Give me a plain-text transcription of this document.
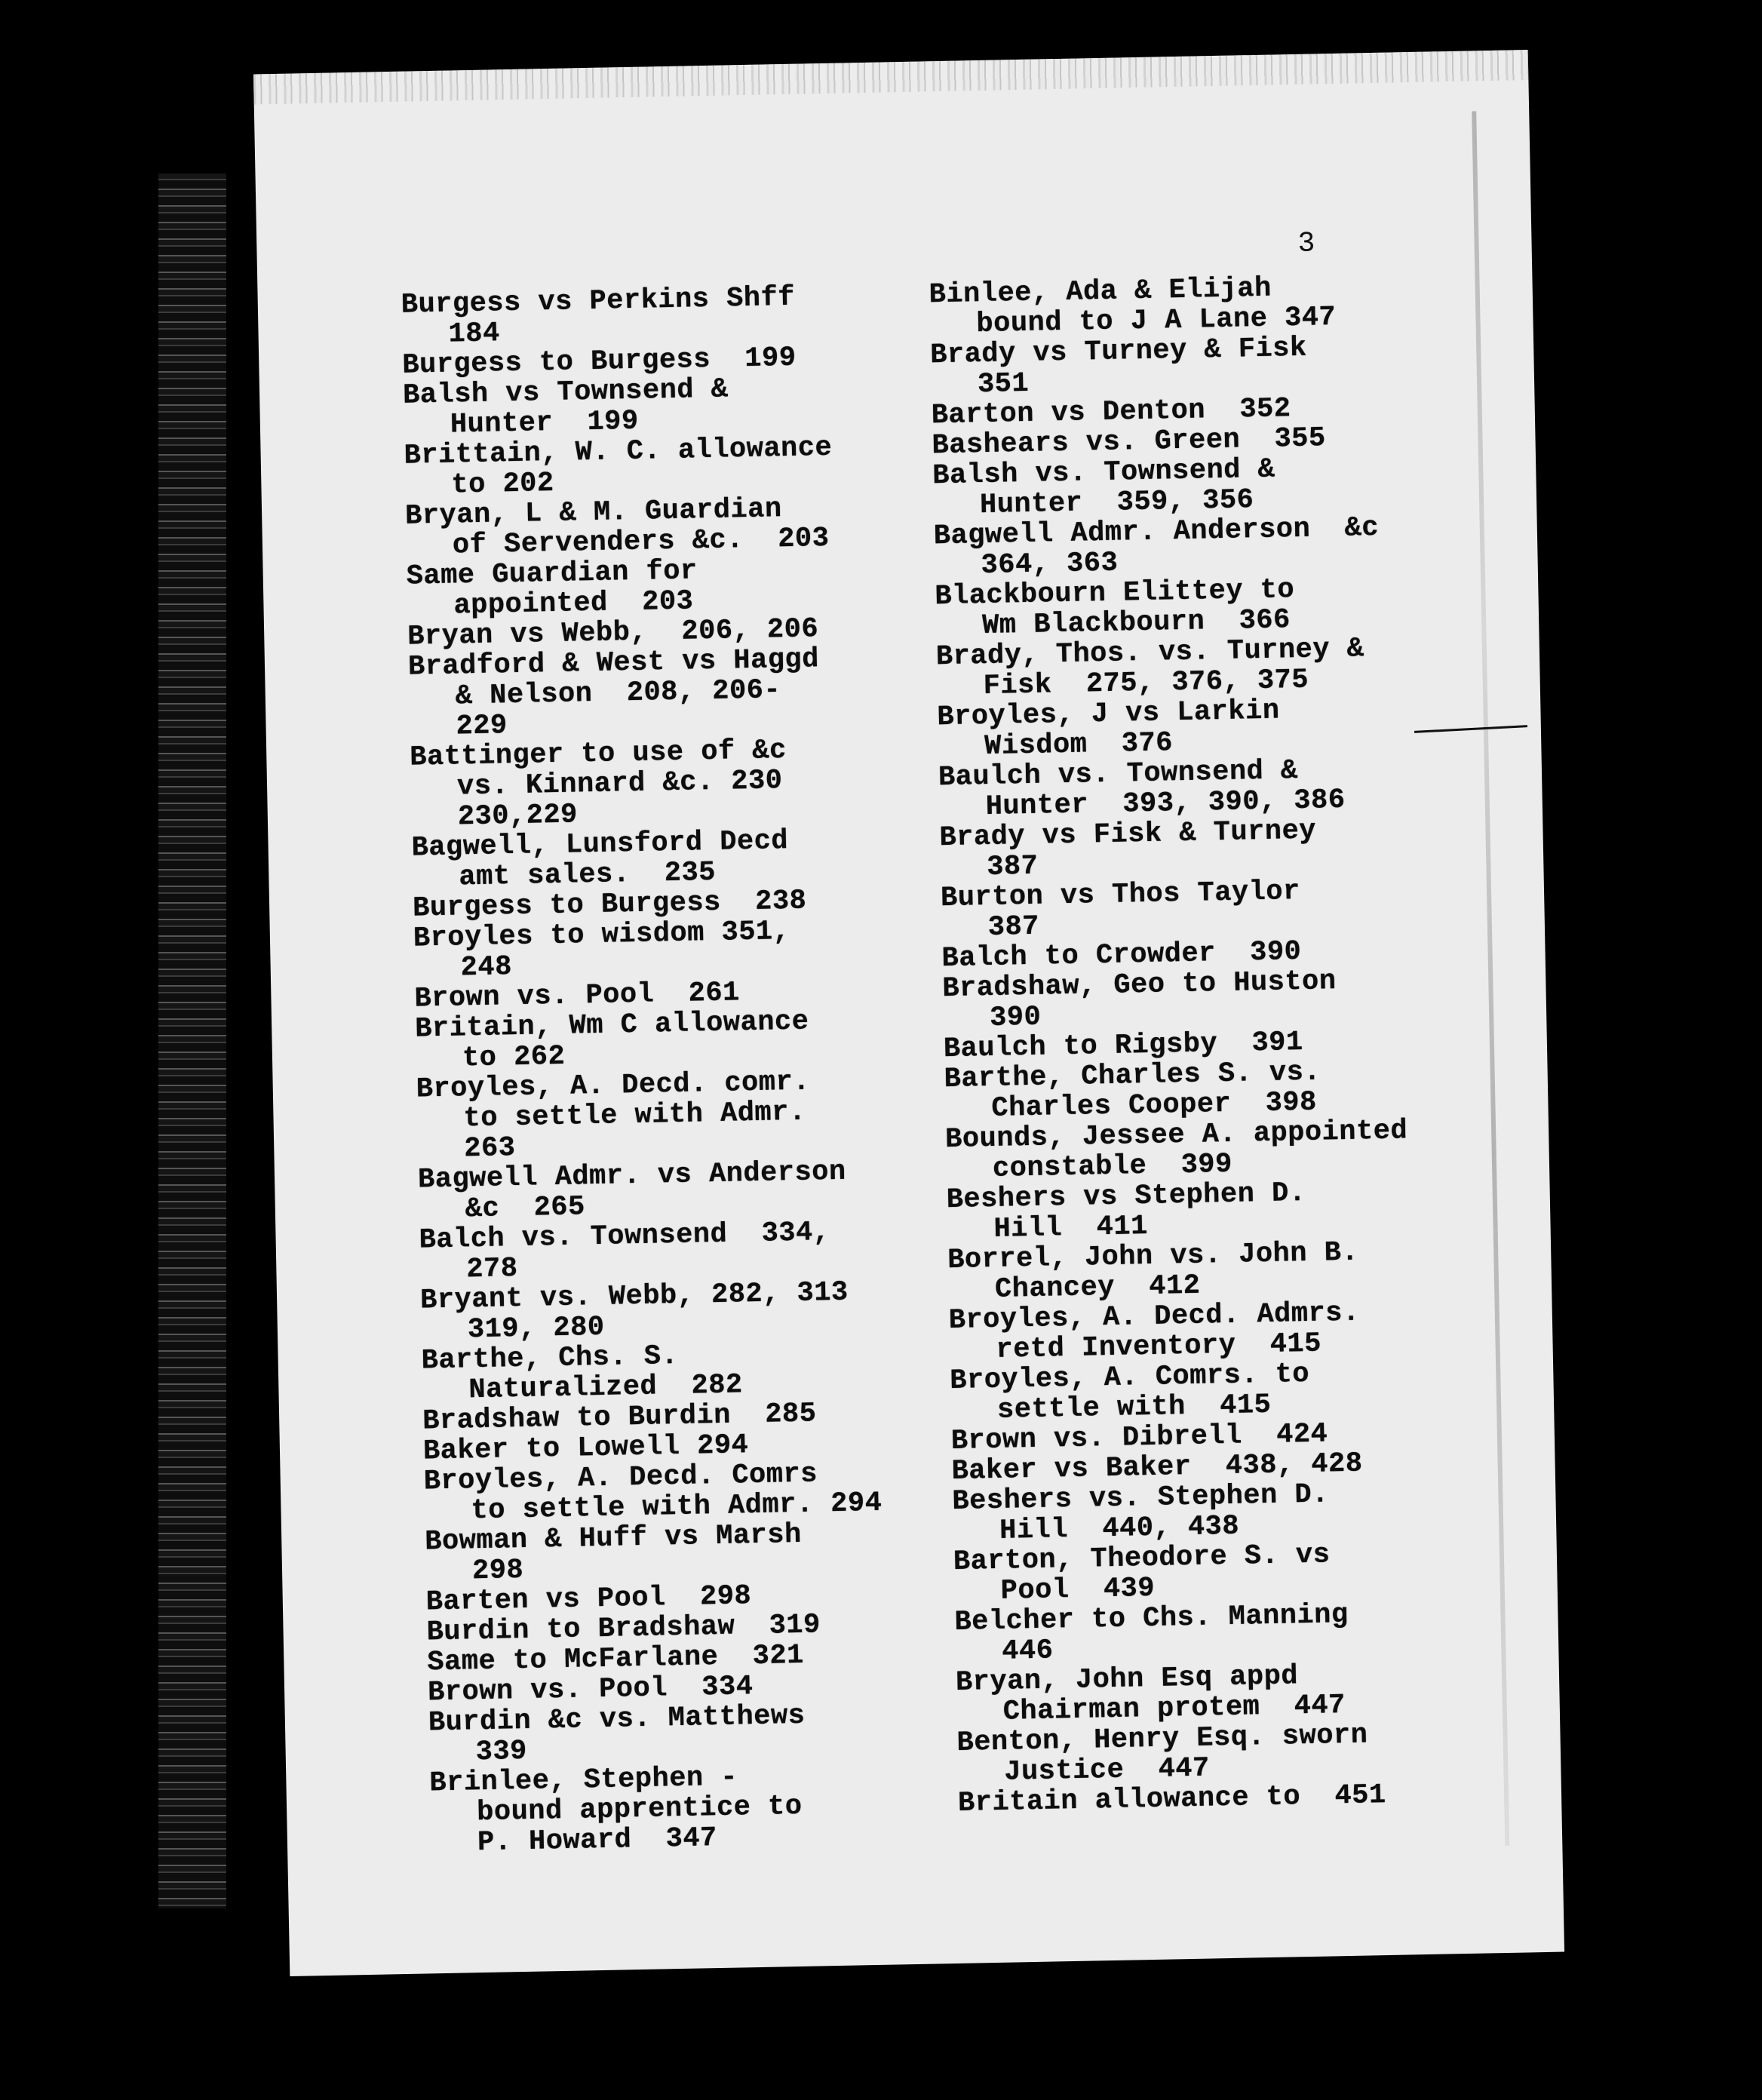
3
Burgess vs Perkins Shff
184
Burgess to Burgess  199
Balsh vs Townsend &
Hunter  199
Brittain, W. C. allowance
to 202
Bryan, L & M. Guardian
of Servenders &c.  203
Same Guardian for
appointed  203
Bryan vs Webb,  206, 206
Bradford & West vs Haggd
& Nelson  208, 206-
229
Battinger to use of &c
vs. Kinnard &c. 230
230,229
Bagwell, Lunsford Decd
amt sales.  235
Burgess to Burgess  238
Broyles to wisdom 351,
248
Brown vs. Pool  261
Britain, Wm C allowance
to 262
Broyles, A. Decd. comr.
to settle with Admr.
263
Bagwell Admr. vs Anderson
&c  265
Balch vs. Townsend  334,
278
Bryant vs. Webb, 282, 313
319, 280
Barthe, Chs. S.
Naturalized  282
Bradshaw to Burdin  285
Baker to Lowell 294
Broyles, A. Decd. Comrs
to settle with Admr. 294
Bowman & Huff vs Marsh
298
Barten vs Pool  298
Burdin to Bradshaw  319
Same to McFarlane  321
Brown vs. Pool  334
Burdin &c vs. Matthews
339
Brinlee, Stephen -
bound apprentice to
P. Howard  347
Binlee, Ada & Elijah
bound to J A Lane 347
Brady vs Turney & Fisk
351
Barton vs Denton  352
Bashears vs. Green  355
Balsh vs. Townsend &
Hunter  359, 356
Bagwell Admr. Anderson  &c
364, 363
Blackbourn Elittey to
Wm Blackbourn  366
Brady, Thos. vs. Turney &
Fisk  275, 376, 375
Broyles, J vs Larkin
Wisdom  376
Baulch vs. Townsend &
Hunter  393, 390, 386
Brady vs Fisk & Turney
387
Burton vs Thos Taylor
387
Balch to Crowder  390
Bradshaw, Geo to Huston
390
Baulch to Rigsby  391
Barthe, Charles S. vs.
Charles Cooper  398
Bounds, Jessee A. appointed
constable  399
Beshers vs Stephen D.
Hill  411
Borrel, John vs. John B.
Chancey  412
Broyles, A. Decd. Admrs.
retd Inventory  415
Broyles, A. Comrs. to
settle with  415
Brown vs. Dibrell  424
Baker vs Baker  438, 428
Beshers vs. Stephen D.
Hill  440, 438
Barton, Theodore S. vs
Pool  439
Belcher to Chs. Manning
446
Bryan, John Esq appd
Chairman protem  447
Benton, Henry Esq. sworn
Justice  447
Britain allowance to  451
